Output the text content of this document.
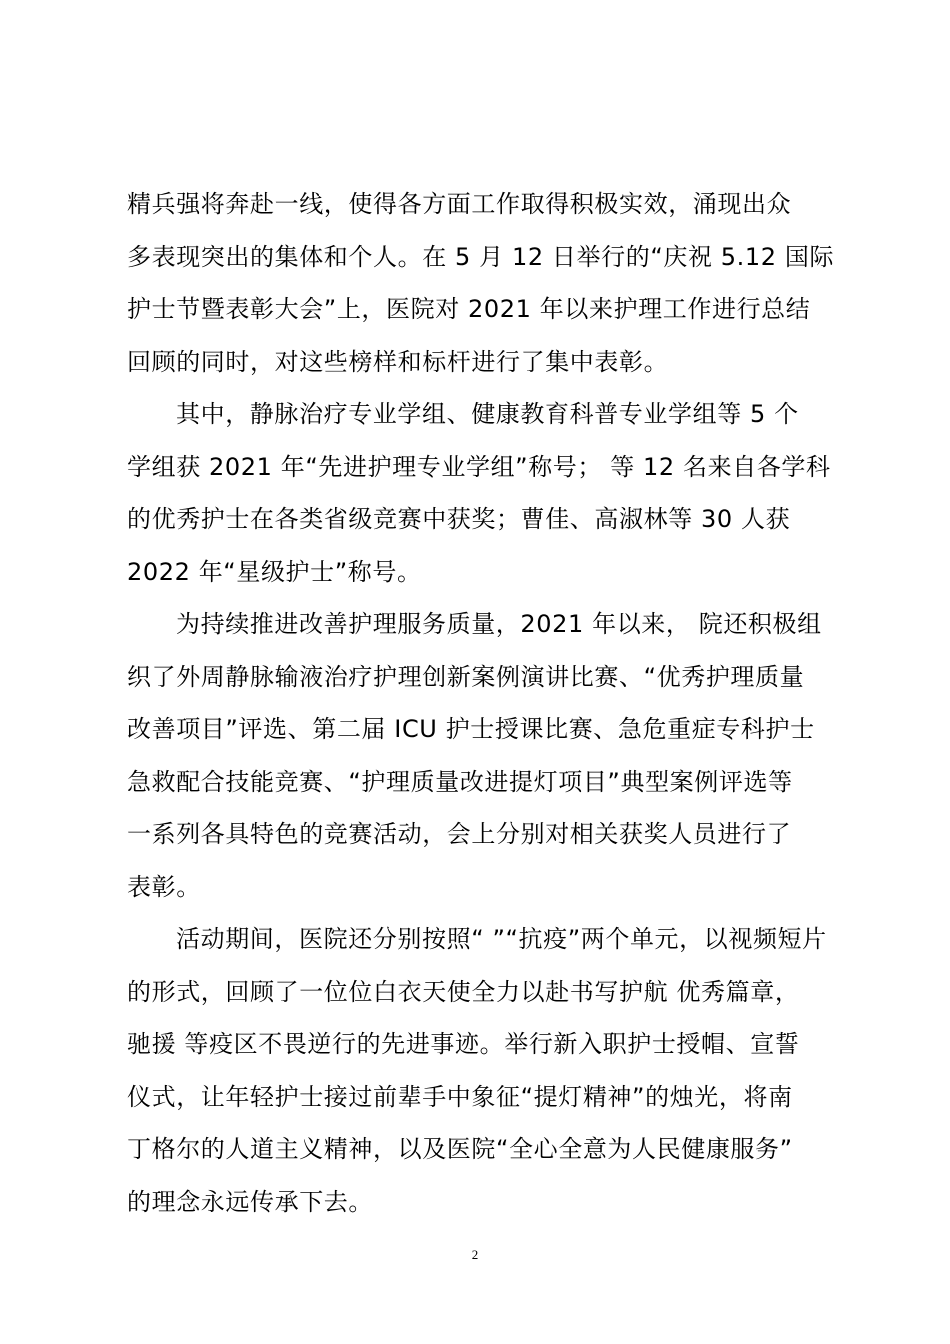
精兵强将奔赴一线，使得各方面工作取得积极实效，涌现出众
多表现突出的集体和个人。在 5 月 12 日举行的“庆祝 5.12 国际
护士节暨表彰大会”上，医院对 2021 年以来护理工作进行总结
回顾的同时，对这些榜样和标杆进行了集中表彰。
其中，静脉治疗专业学组、健康教育科普专业学组等 5 个
学组获 2021 年“先进护理专业学组”称号； 等 12 名来自各学科
的优秀护士在各类省级竞赛中获奖；曹佳、高淑林等 30 人获
2022 年“星级护士”称号。
为持续推进改善护理服务质量，2021 年以来， 院还积极组
织了外周静脉输液治疗护理创新案例演讲比赛、“优秀护理质量
改善项目”评选、第二届 ICU 护士授课比赛、急危重症专科护士
急救配合技能竞赛、“护理质量改进提灯项目”典型案例评选等
一系列各具特色的竞赛活动，会上分别对相关获奖人员进行了
表彰。
活动期间，医院还分别按照“ ”“抗疫”两个单元，以视频短片
的形式，回顾了一位位白衣天使全力以赴书写护航 优秀篇章，
驰援 等疫区不畏逆行的先进事迹。举行新入职护士授帽、宣誓
仪式，让年轻护士接过前辈手中象征“提灯精神”的烛光，将南
丁格尔的人道主义精神，以及医院“全心全意为人民健康服务”
的理念永远传承下去。
2
